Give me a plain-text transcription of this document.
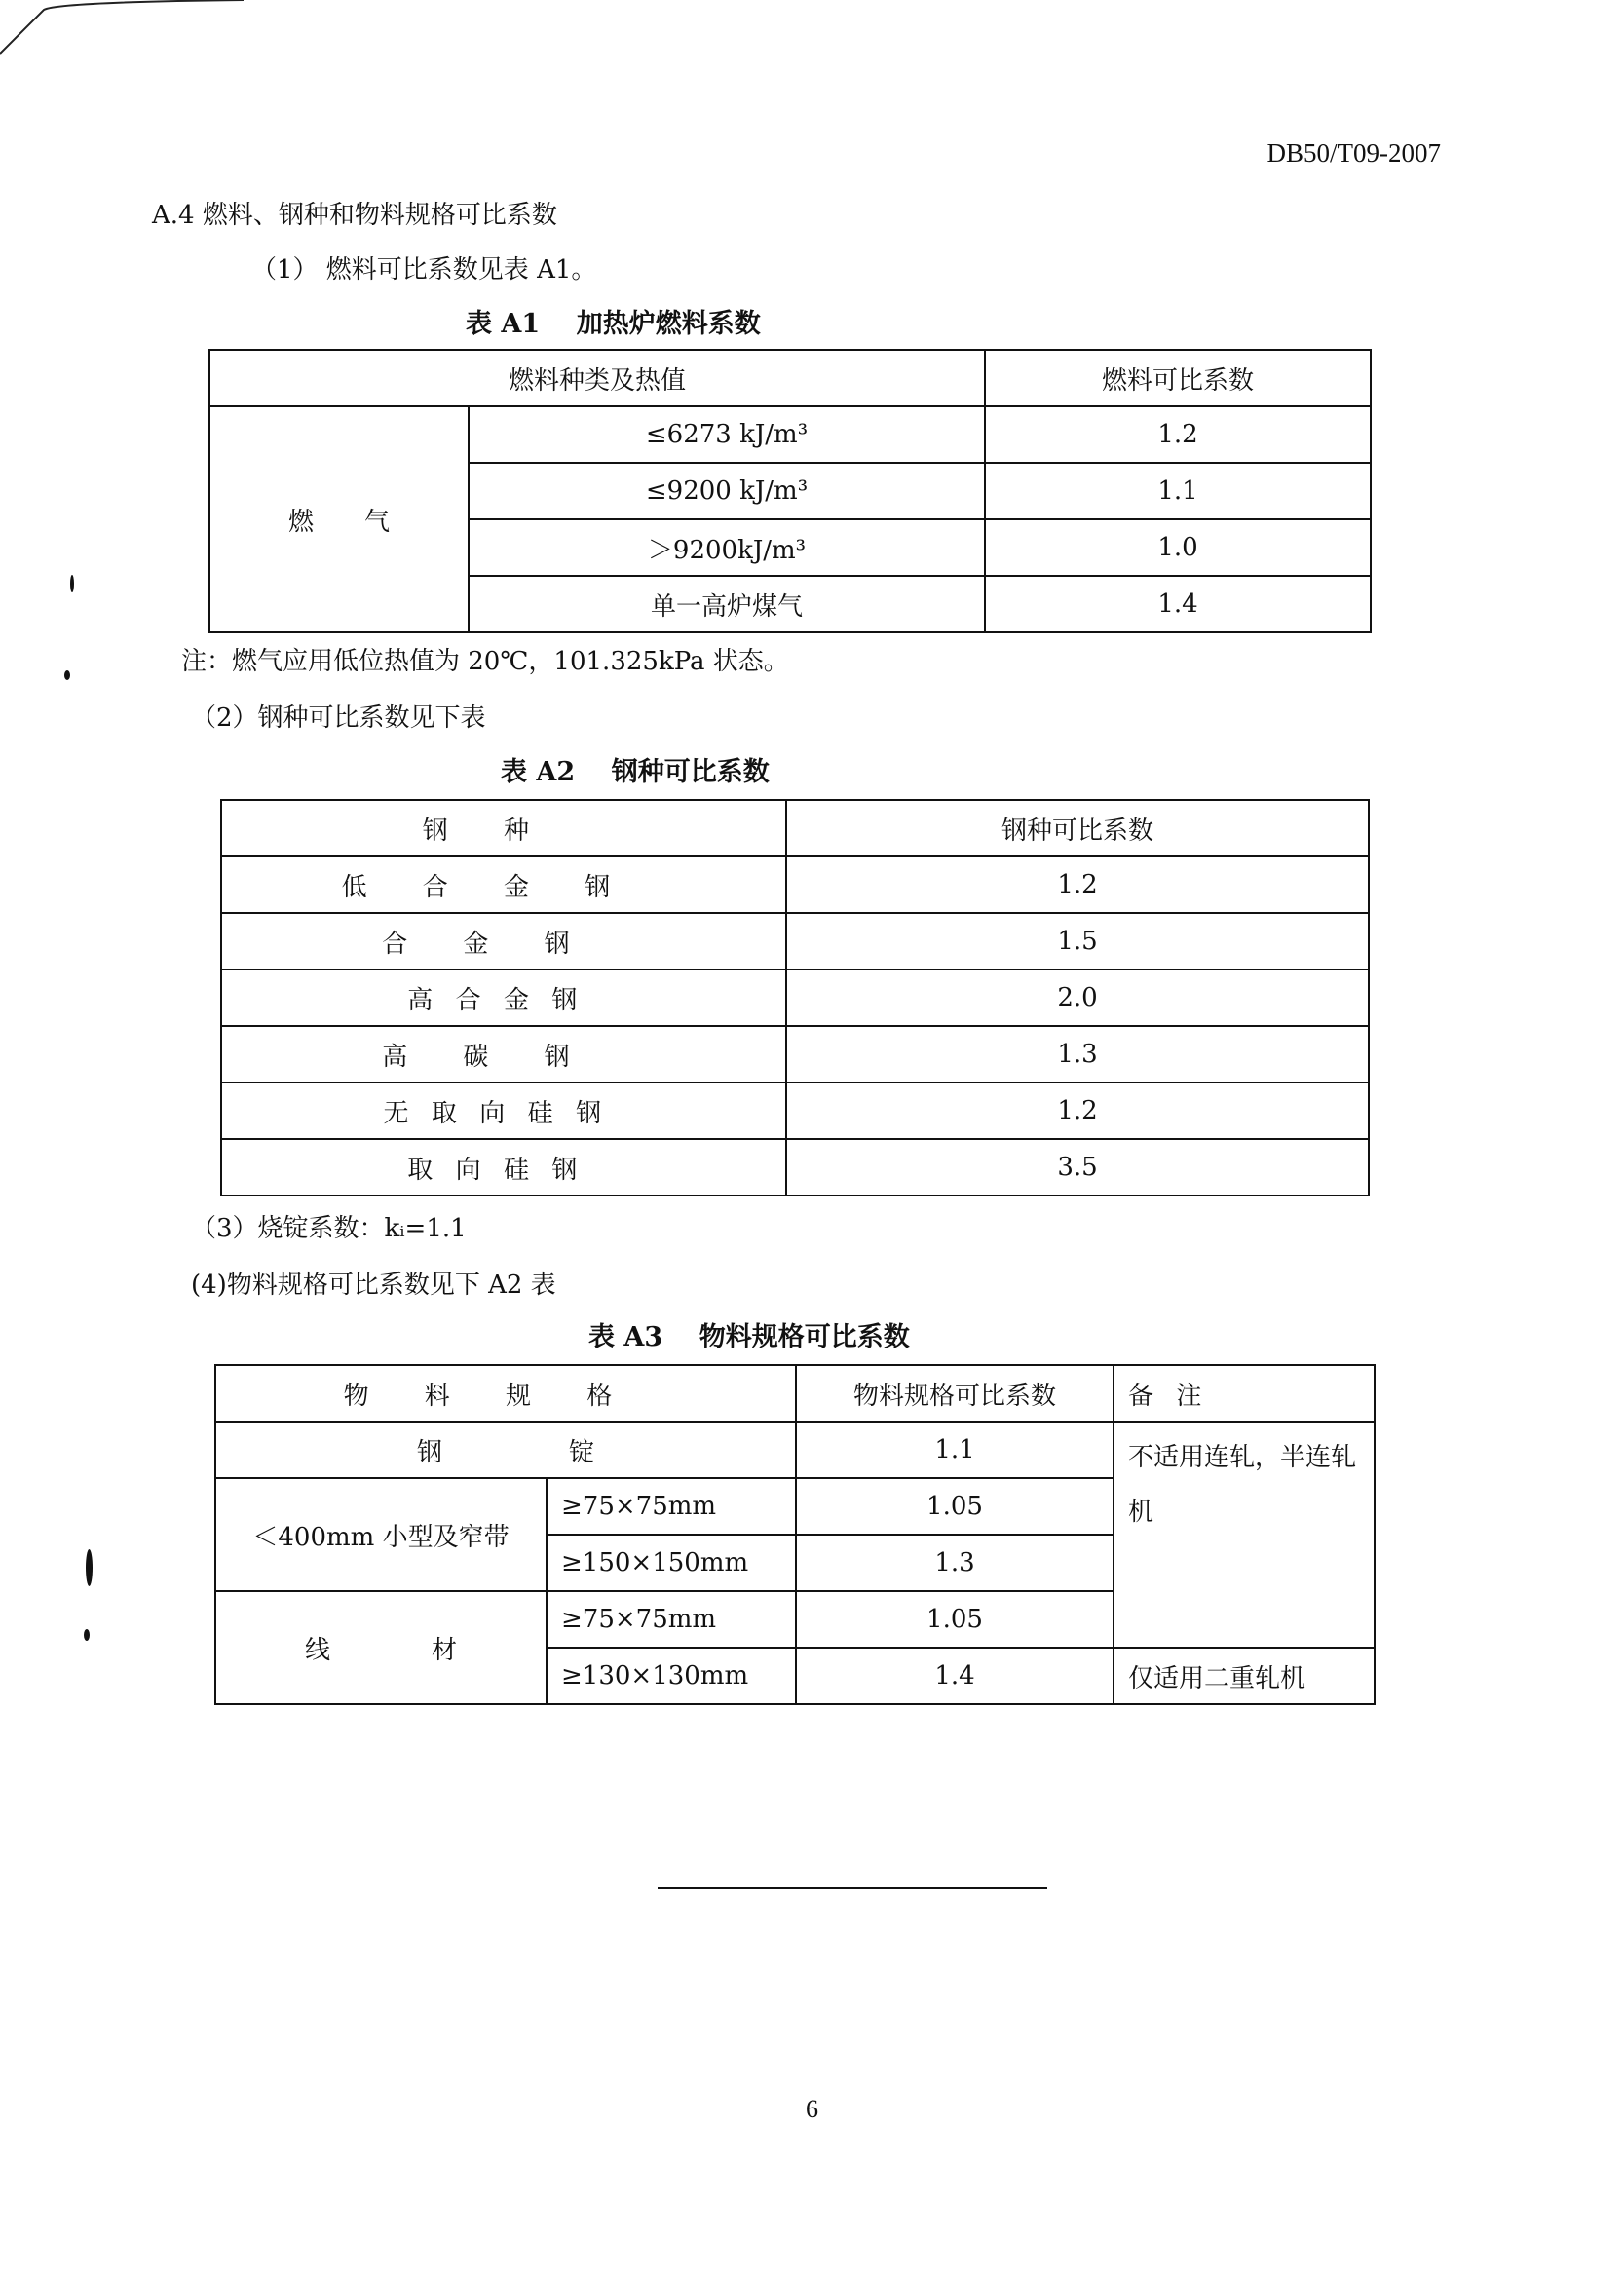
DB50/T09-2007
A.4 燃料、钢种和物料规格可比系数
（1） 燃料可比系数见表 A1。
表 A1    加热炉燃料系数
燃料种类及热值		燃料可比系数
燃　　气	≤6273 kJ/m³	1.2
	≤9200 kJ/m³	1.1
	＞9200kJ/m³	1.0
	单一高炉煤气	1.4
注：燃气应用低位热值为 20℃，101.325kPa 状态。
（2）钢种可比系数见下表
表 A2    钢种可比系数
钢种	钢种可比系数
低合金钢	1.2
合金钢	1.5
高合金钢	2.0
高碳钢	1.3
无取向硅钢	1.2
取向硅钢	3.5
（3）烧锭系数：kᵢ=1.1
(4)物料规格可比系数见下 A2 表
表 A3    物料规格可比系数
物料规格		物料规格可比系数	备注
钢　　　　　锭		1.1	不适用连轧，半连轧机
＜400mm 小型及窄带	≥75×75mm	1.05	
	≥150×150mm	1.3	
线　　　　材	≥75×75mm	1.05	
	≥130×130mm	1.4	仅适用二重轧机
6
